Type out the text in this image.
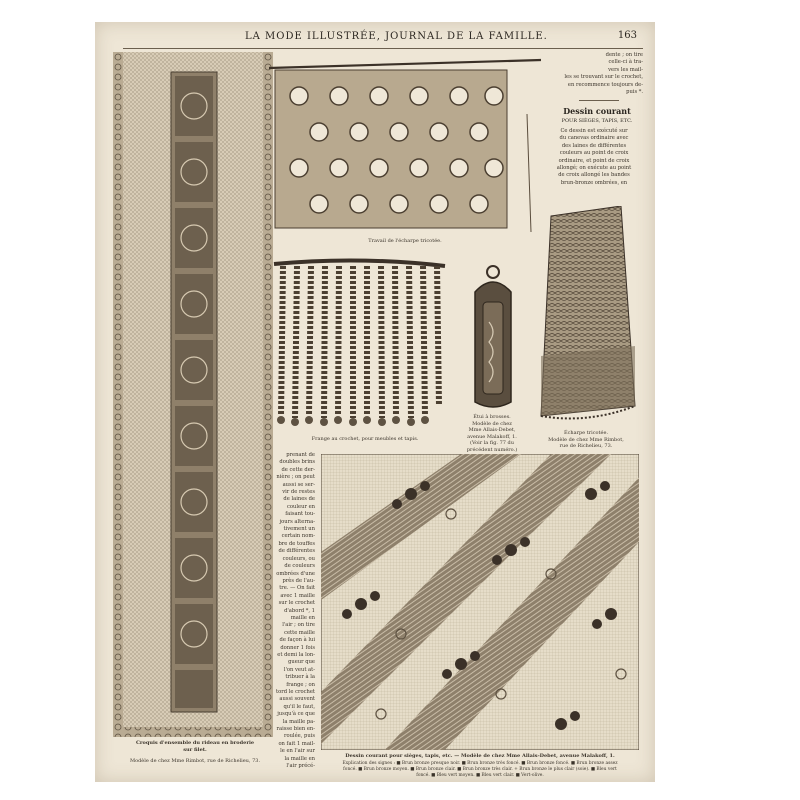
LA MODE ILLUSTRÉE, JOURNAL DE LA FAMILLE.	163
Croquis d'ensemble du rideau en broderie
sur filet.
Modèle de chez Mme Rimbot, rue de Richelieu, 73.
Travail de l'écharpe tricotée.
dente ; on tire
celle-ci à tra-
vers les mail-
les se trouvant sur le crochet,
en recommence toujours de-
puis *.
Dessin courant
POUR SIÈGES, TAPIS, ETC.
Ce dessin est exécuté sur
du canevas ordinaire avec
des laines de différentes
couleurs au point de croix
ordinaire, et point de croix
allongé; on exécute au point
de croix allongé les bandes
brun-bronze ombrées, en
Frange au crochet, pour meubles et tapis.
Étui à brosses.
Modèle de chez
Mme Allais-Debet,
avenue Malakoff, 1.
(Voir la fig. 77 du
précédent numéro.)
Écharpe tricotée.
Modèle de chez Mme Rimbot,
rue de Richelieu, 73.
prenant de
doubles brins
de cette der-
nière ; on peut
aussi se ser-
vir de restes
de laines de
couleur en
faisant tou-
jours alterna-
tivement un
certain nom-
bre de touffes
de différentes
couleurs, ou
de couleurs
ombrées d'une
près de l'au-
tre. — On fait
avec 1 maille
sur le crochet
d'abord *, 1
maille en
l'air ; on tire
cette maille
de façon à lui
donner 1 fois
et demi la lon-
gueur que
l'on veut at-
tribuer à la
frange ; on
tord le crochet
aussi souvent
qu'il le faut,
jusqu'à ce que
la maille pa-
raisse bien en-
roulée, puis
on fait 1 mail-
le en l'air sur
la maille en
l'air précé-
Dessin courant pour sièges, tapis, etc. — Modèle de chez Mme Allais-Debet, avenue Malakoff, 1.
Explication des signes : ■ Brun bronze presque noir. ■ Brun bronze très foncé. ■ Brun bronze foncé. ■ Brun bronze assez
foncé. ■ Brun bronze moyen. ■ Brun bronze clair. ■ Brun bronze très clair. + Brun bronze le plus clair (soie). ■ Bleu vert
foncé. ■ Bleu vert moyen. ■ Bleu vert clair. ■ Vert-olive.
